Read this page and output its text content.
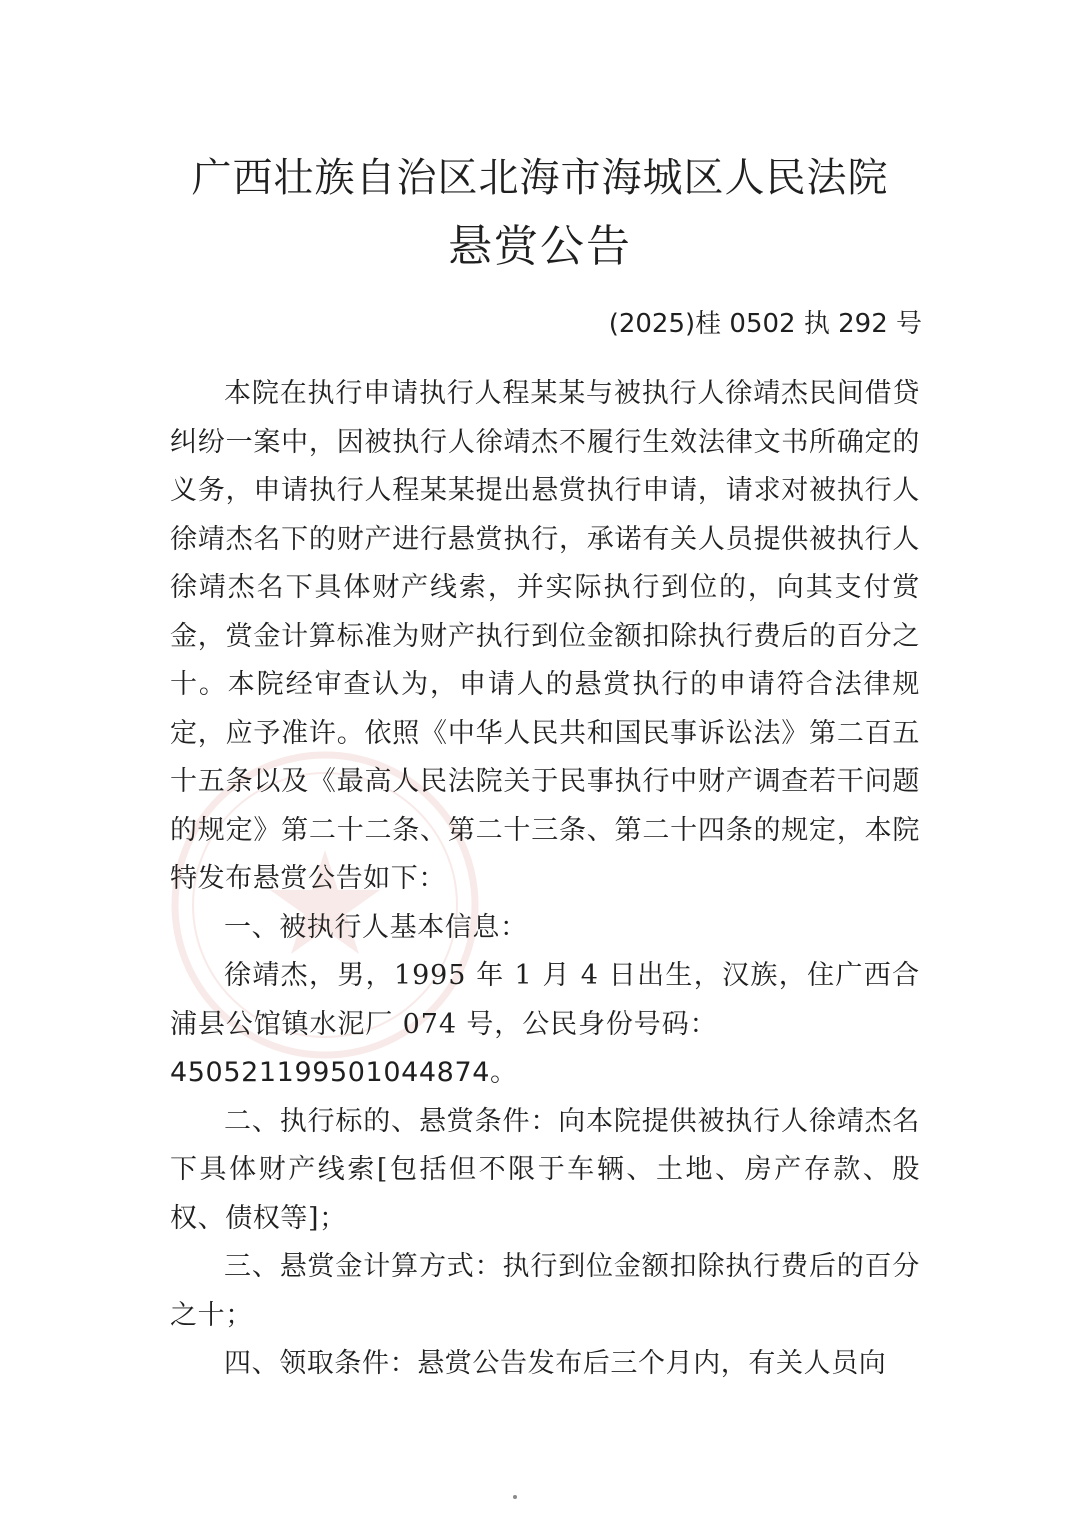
广西壮族自治区北海市海城区人民法院
悬赏公告
(2025)桂 0502 执 292 号

本院在执行申请执行人程某某与被执行人徐靖杰民间借贷纠纷一案中，因被执行人徐靖杰不履行生效法律文书所确定的义务，申请执行人程某某提出悬赏执行申请，请求对被执行人徐靖杰名下的财产进行悬赏执行，承诺有关人员提供被执行人徐靖杰名下具体财产线索，并实际执行到位的，向其支付赏金，赏金计算标准为财产执行到位金额扣除执行费后的百分之十。本院经审查认为，申请人的悬赏执行的申请符合法律规定，应予准许。依照《中华人民共和国民事诉讼法》第二百五十五条以及《最高人民法院关于民事执行中财产调查若干问题的规定》第二十二条、第二十三条、第二十四条的规定，本院特发布悬赏公告如下：

一、被执行人基本信息：

徐靖杰，男，1995 年 1 月 4 日出生，汉族，住广西合浦县公馆镇水泥厂 074 号，公民身份号码：

450521199501044874。

二、执行标的、悬赏条件：向本院提供被执行人徐靖杰名下具体财产线索[包括但不限于车辆、土地、房产存款、股权、债权等]；

三、悬赏金计算方式：执行到位金额扣除执行费后的百分之十；

四、领取条件：悬赏公告发布后三个月内，有关人员向
